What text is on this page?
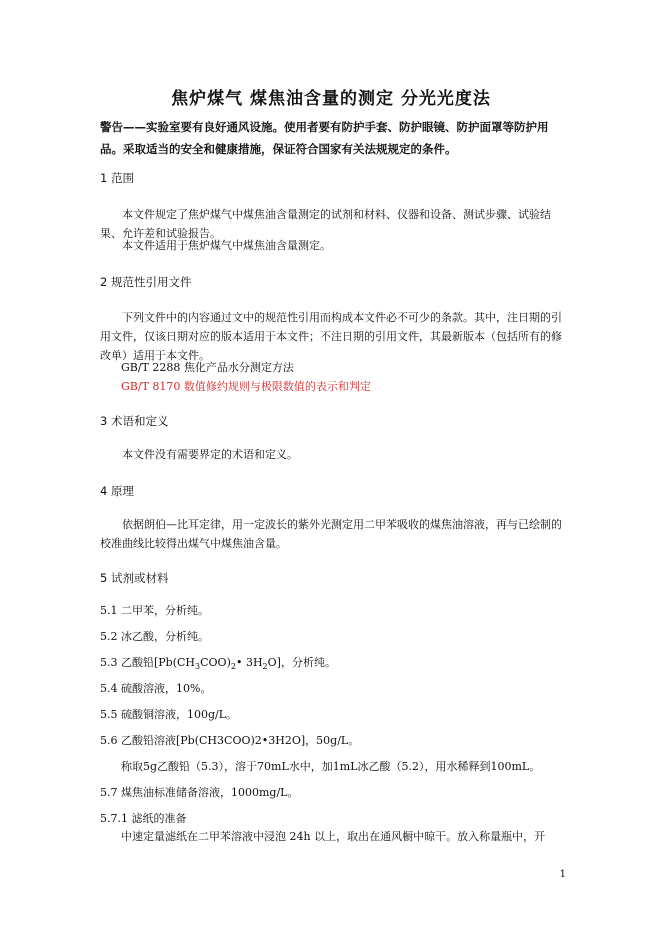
焦炉煤气 煤焦油含量的测定 分光光度法
警告——实验室要有良好通风设施。使用者要有防护手套、防护眼镜、防护面罩等防护用品。采取适当的安全和健康措施，保证符合国家有关法规规定的条件。
1 范围
本文件规定了焦炉煤气中煤焦油含量测定的试剂和材料、仪器和设备、测试步骤、试验结果、允许差和试验报告。
本文件适用于焦炉煤气中煤焦油含量测定。
2 规范性引用文件
下列文件中的内容通过文中的规范性引用而构成本文件必不可少的条款。其中，注日期的引用文件，仅该日期对应的版本适用于本文件；不注日期的引用文件，其最新版本（包括所有的修改单）适用于本文件。
GB/T 2288 焦化产品水分测定方法
GB/T 8170 数值修约规则与极限数值的表示和判定
3 术语和定义
本文件没有需要界定的术语和定义。
4 原理
依据朗伯—比耳定律，用一定波长的紫外光测定用二甲苯吸收的煤焦油溶液，再与已绘制的校准曲线比较得出煤气中煤焦油含量。
5 试剂或材料
5.1 二甲苯，分析纯。
5.2 冰乙酸，分析纯。
5.3 乙酸铅[$Pb(CH_3COO)_2•$ $3H_2O$]，分析纯。
5.4 硫酸溶液，10%。
5.5 硫酸铜溶液，100g/L。
5.6 乙酸铅溶液[Pb(CH3COO)2•3H2O]，50g/L。
称取5g乙酸铅（5.3），溶于70mL水中，加1mL冰乙酸（5.2），用水稀释到100mL。
5.7 煤焦油标准储备溶液，1000mg/L。
5.7.1 滤纸的准备
中速定量滤纸在二甲苯溶液中浸泡 24h 以上，取出在通风橱中晾干。放入称量瓶中，开
1
